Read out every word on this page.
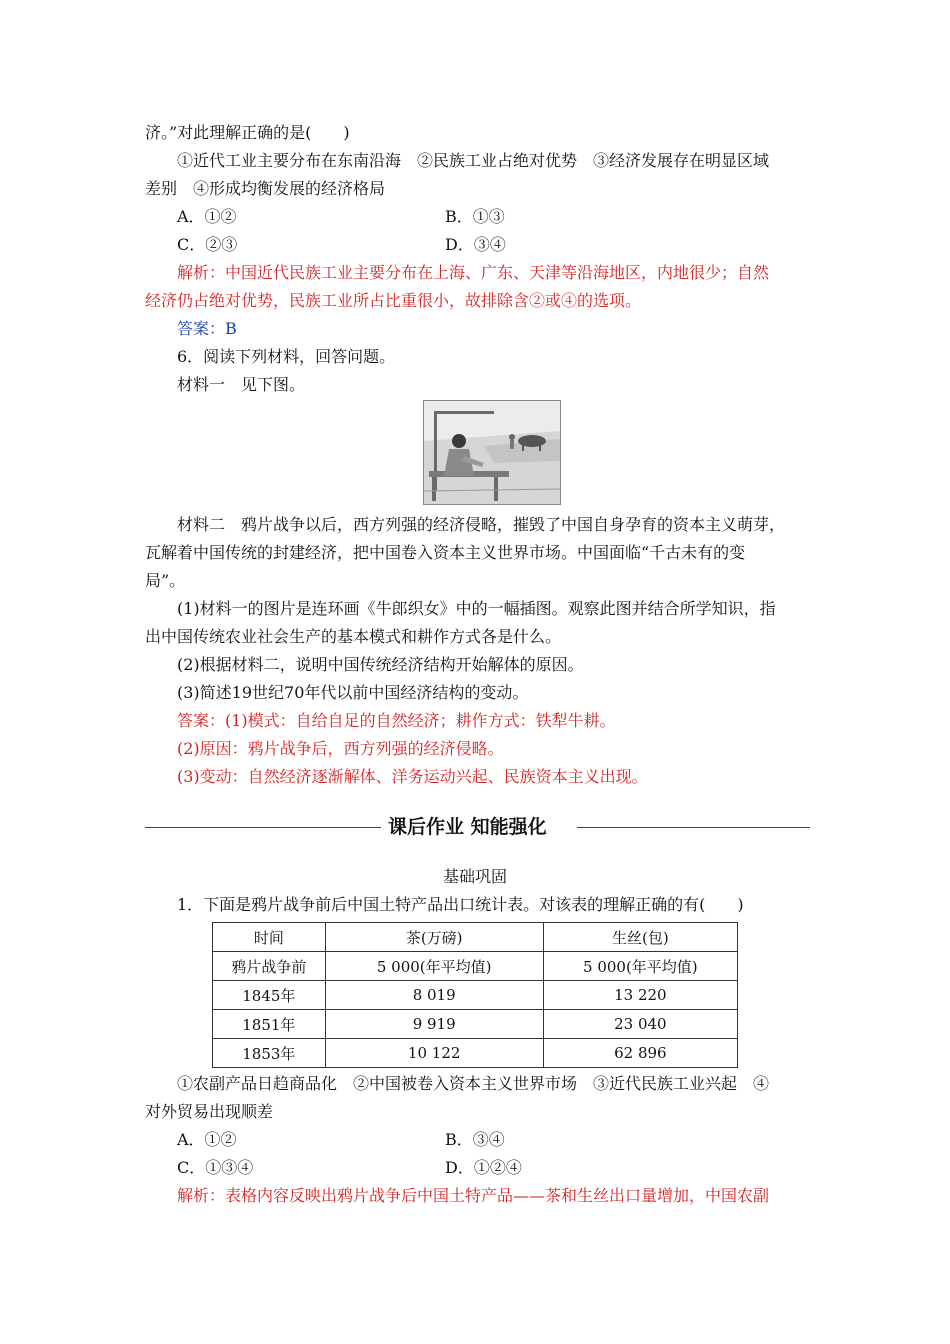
济。”对此理解正确的是(　　)
①近代工业主要分布在东南沿海　②民族工业占绝对优势　③经济发展存在明显区域
差别　④形成均衡发展的经济格局
A．①②	B．①③
C．②③	D．③④
解析：中国近代民族工业主要分布在上海、广东、天津等沿海地区，内地很少；自然
经济仍占绝对优势，民族工业所占比重很小，故排除含②或④的选项。
答案：B
6．阅读下列材料，回答问题。
材料一　见下图。
材料二　鸦片战争以后，西方列强的经济侵略，摧毁了中国自身孕育的资本主义萌芽，
瓦解着中国传统的封建经济，把中国卷入资本主义世界市场。中国面临“千古未有的变
局”。
(1)材料一的图片是连环画《牛郎织女》中的一幅插图。观察此图并结合所学知识，指
出中国传统农业社会生产的基本模式和耕作方式各是什么。
(2)根据材料二，说明中国传统经济结构开始解体的原因。
(3)简述19世纪70年代以前中国经济结构的变动。
答案：(1)模式：自给自足的自然经济；耕作方式：铁犁牛耕。
(2)原因：鸦片战争后，西方列强的经济侵略。
(3)变动：自然经济逐渐解体、洋务运动兴起、民族资本主义出现。
课后作业 知能强化
基础巩固
1．下面是鸦片战争前后中国土特产品出口统计表。对该表的理解正确的有(　　)
时间	茶(万磅)	生丝(包)
鸦片战争前	5 000(年平均值)	5 000(年平均值)
1845年	8 019	13 220
1851年	9 919	23 040
1853年	10 122	62 896
①农副产品日趋商品化　②中国被卷入资本主义世界市场　③近代民族工业兴起　④
对外贸易出现顺差
A．①②	B．③④
C．①③④	D．①②④
解析：表格内容反映出鸦片战争后中国土特产品——茶和生丝出口量增加，中国农副
